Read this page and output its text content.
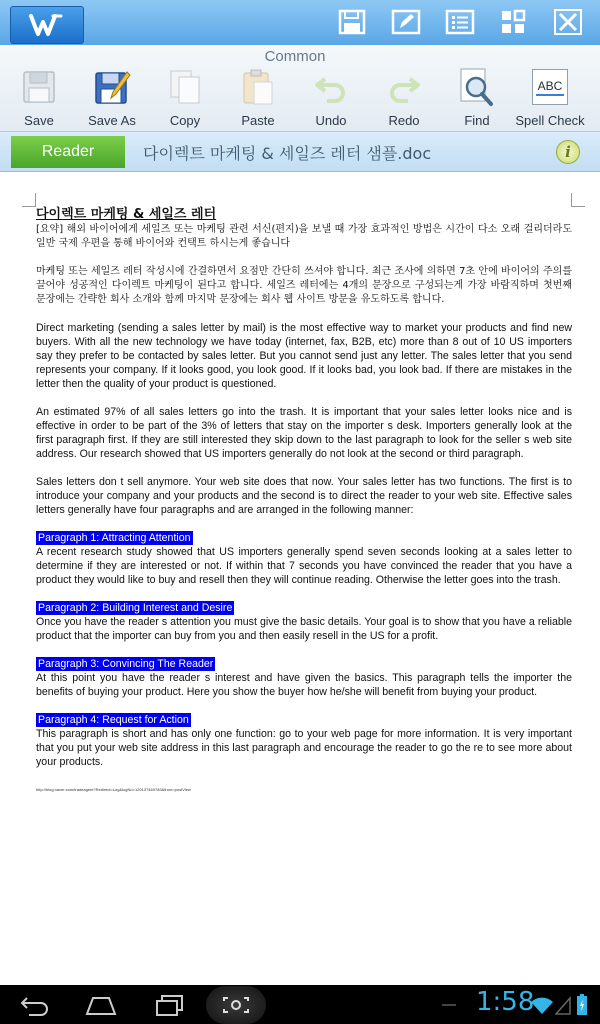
Common
Save	Save As	Copy	Paste	Undo	Redo	Find
ABC
Spell Check
Reader	다이렉트 마케팅 & 세일즈 레터 샘플.doc	i

다이렉트 마케팅 & 세일즈 레터

[요약] 해외 바이어에게 세일즈 또는 마케팅 관련 서신(편지)을 보낼 때 가장 효과적인 방법은 시간이 다소 오래 걸리더라도 일반 국제 우편을 통해 바이어와 컨택트 하시는게 좋습니다

마케팅 또는 세일즈 레터 작성시에 간결하면서 요점만 간단히 쓰셔야 합니다. 최근 조사에 의하면 7초 안에 바이어의 주의를 끌어야 성공적인 다이렉트 마케팅이 된다고 합니다. 세일즈 레터에는 4개의 문장으로 구성되는게 가장 바람직하며 첫번째 문장에는 간략한 회사 소개와 함께 마지막 문장에는 회사 웹 사이트 방문을 유도하도록 합니다.

Direct marketing (sending a sales letter by mail) is the most effective way to market your products and find new buyers. With all the new technology we have today (internet, fax, B2B, etc) more than 8 out of 10 US importers say they prefer to be contacted by sales letter. But you cannot send just any letter. The sales letter that you send represents your company. If it looks good, you look good. If it looks bad, you look bad. If there are mistakes in the letter then the quality of your product is questioned.

An estimated 97% of all sales letters go into the trash. It is important that your sales letter looks nice and is effective in order to be part of the 3% of letters that stay on the importer s desk. Importers generally look at the first paragraph first. If they are still interested they skip down to the last paragraph to look for the seller s web site address. Our research showed that US importers generally do not look at the second or third paragraph.

Sales letters don t sell anymore. Your web site does that now. Your sales letter has two functions. The first is to introduce your company and your products and the second is to direct the reader to your web site. Effective sales letters generally have four paragraphs and are arranged in the following manner:

Paragraph 1: Attracting Attention

A recent research study showed that US importers generally spend seven seconds looking at a sales letter to determine if they are interested or not. If within that 7 seconds you have convinced the reader that you have a product they would like to buy and resell then they will continue reading. Otherwise the letter goes into the trash.

Paragraph 2: Building Interest and Desire

Once you have the reader s attention you must give the basic details. Your goal is to show that you have a reliable product that the importer can buy from you and then easily resell in the US for a profit.

Paragraph 3: Convincing The Reader

At this point you have the reader s interest and have given the basics. This paragraph tells the importer the benefits of buying your product. Here you show the buyer how he/she will benefit from buying your product.

Paragraph 4: Request for Action

This paragraph is short and has only one function: go to your web page for more information. It is very important that you put your web site address in this last paragraph and encourage the reader to go the re to see more about your products.

http://blog.naver.com/tradeagent?Redirect=Log&logNo=120137469783&from=postView
1:58
